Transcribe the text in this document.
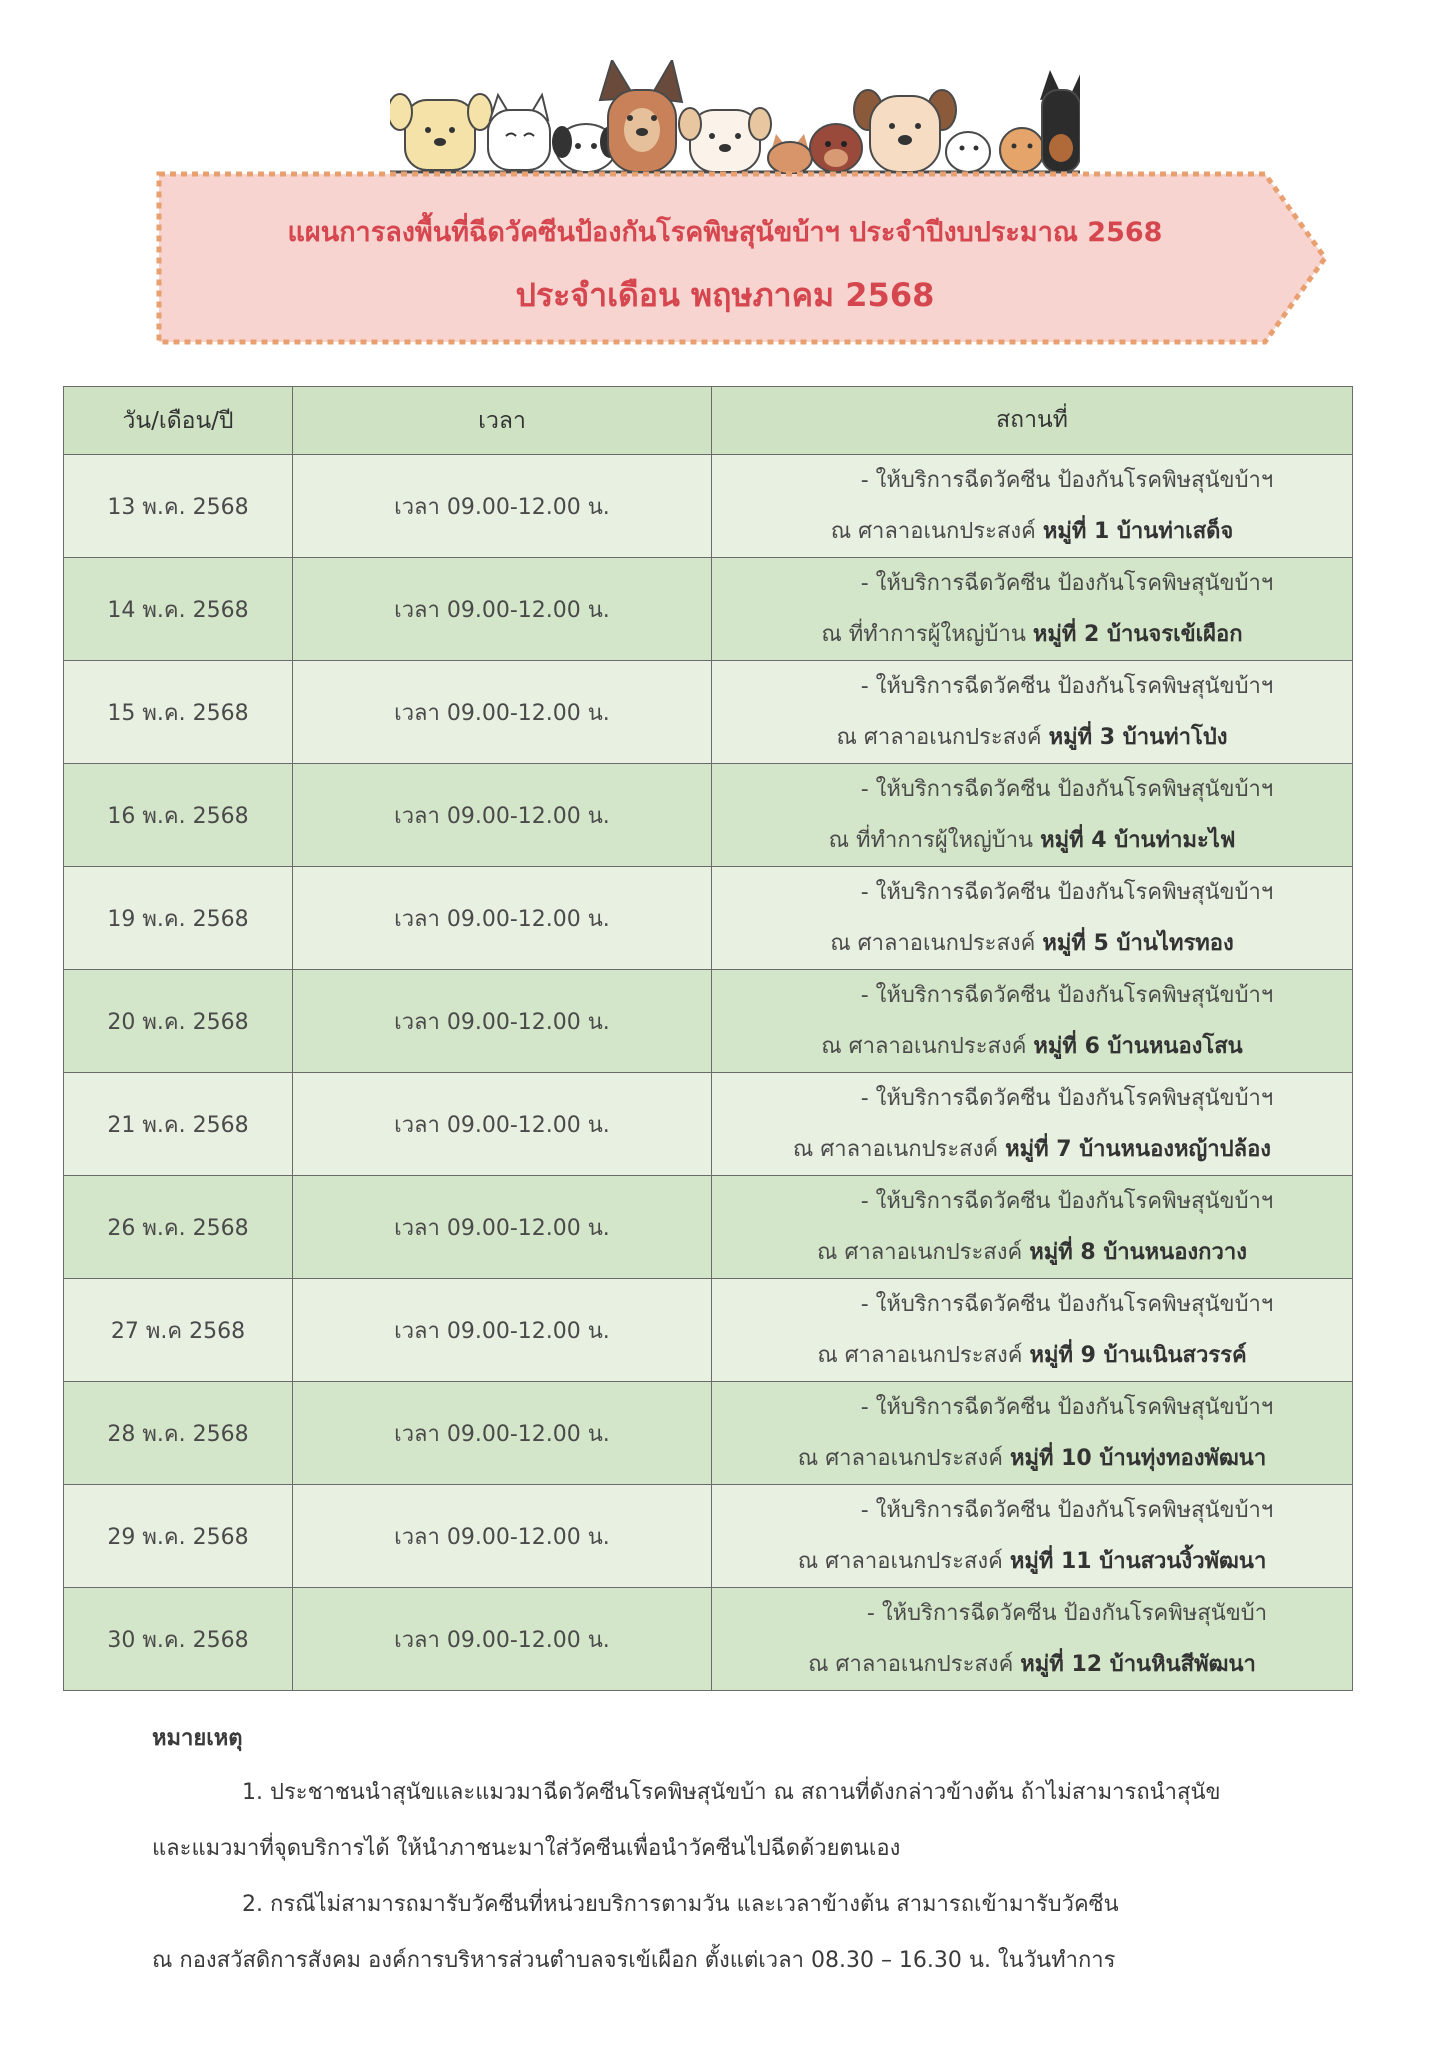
แผนการลงพื้นที่ฉีดวัคซีนป้องกันโรคพิษสุนัขบ้าฯ ประจำปีงบประมาณ 2568
ประจำเดือน พฤษภาคม 2568
วัน/เดือน/ปี	เวลา	สถานที่
13 พ.ค. 2568	เวลา 09.00-12.00 น.	- ให้บริการฉีดวัคซีน ป้องกันโรคพิษสุนัขบ้าฯ
ณ ศาลาอเนกประสงค์ หมู่ที่ 1 บ้านท่าเสด็จ

14 พ.ค. 2568	เวลา 09.00-12.00 น.	- ให้บริการฉีดวัคซีน ป้องกันโรคพิษสุนัขบ้าฯ
ณ ที่ทำการผู้ใหญ่บ้าน หมู่ที่ 2 บ้านจรเข้เผือก

15 พ.ค. 2568	เวลา 09.00-12.00 น.	- ให้บริการฉีดวัคซีน ป้องกันโรคพิษสุนัขบ้าฯ
ณ ศาลาอเนกประสงค์ หมู่ที่ 3 บ้านท่าโป่ง

16 พ.ค. 2568	เวลา 09.00-12.00 น.	- ให้บริการฉีดวัคซีน ป้องกันโรคพิษสุนัขบ้าฯ
ณ ที่ทำการผู้ใหญ่บ้าน หมู่ที่ 4 บ้านท่ามะไฟ

19 พ.ค. 2568	เวลา 09.00-12.00 น.	- ให้บริการฉีดวัคซีน ป้องกันโรคพิษสุนัขบ้าฯ
ณ ศาลาอเนกประสงค์ หมู่ที่ 5 บ้านไทรทอง

20 พ.ค. 2568	เวลา 09.00-12.00 น.	- ให้บริการฉีดวัคซีน ป้องกันโรคพิษสุนัขบ้าฯ
ณ ศาลาอเนกประสงค์ หมู่ที่ 6 บ้านหนองโสน

21 พ.ค. 2568	เวลา 09.00-12.00 น.	- ให้บริการฉีดวัคซีน ป้องกันโรคพิษสุนัขบ้าฯ
ณ ศาลาอเนกประสงค์ หมู่ที่ 7 บ้านหนองหญ้าปล้อง

26 พ.ค. 2568	เวลา 09.00-12.00 น.	- ให้บริการฉีดวัคซีน ป้องกันโรคพิษสุนัขบ้าฯ
ณ ศาลาอเนกประสงค์ หมู่ที่ 8 บ้านหนองกวาง

27 พ.ค 2568	เวลา 09.00-12.00 น.	- ให้บริการฉีดวัคซีน ป้องกันโรคพิษสุนัขบ้าฯ
ณ ศาลาอเนกประสงค์ หมู่ที่ 9 บ้านเนินสวรรค์

28 พ.ค. 2568	เวลา 09.00-12.00 น.	- ให้บริการฉีดวัคซีน ป้องกันโรคพิษสุนัขบ้าฯ
ณ ศาลาอเนกประสงค์ หมู่ที่ 10 บ้านทุ่งทองพัฒนา

29 พ.ค. 2568	เวลา 09.00-12.00 น.	- ให้บริการฉีดวัคซีน ป้องกันโรคพิษสุนัขบ้าฯ
ณ ศาลาอเนกประสงค์ หมู่ที่ 11 บ้านสวนงิ้วพัฒนา

30 พ.ค. 2568	เวลา 09.00-12.00 น.	- ให้บริการฉีดวัคซีน ป้องกันโรคพิษสุนัขบ้า
ณ ศาลาอเนกประสงค์ หมู่ที่ 12 บ้านหินสีพัฒนา
หมายเหตุ

1. ประชาชนนำสุนัขและแมวมาฉีดวัคซีนโรคพิษสุนัขบ้า ณ สถานที่ดังกล่าวข้างต้น ถ้าไม่สามารถนำสุนัข

และแมวมาที่จุดบริการได้ ให้นำภาชนะมาใส่วัคซีนเพื่อนำวัคซีนไปฉีดด้วยตนเอง

2. กรณีไม่สามารถมารับวัคซีนที่หน่วยบริการตามวัน และเวลาข้างต้น สามารถเข้ามารับวัคซีน

ณ กองสวัสดิการสังคม องค์การบริหารส่วนตำบลจรเข้เผือก ตั้งแต่เวลา 08.30 – 16.30 น. ในวันทำการ
